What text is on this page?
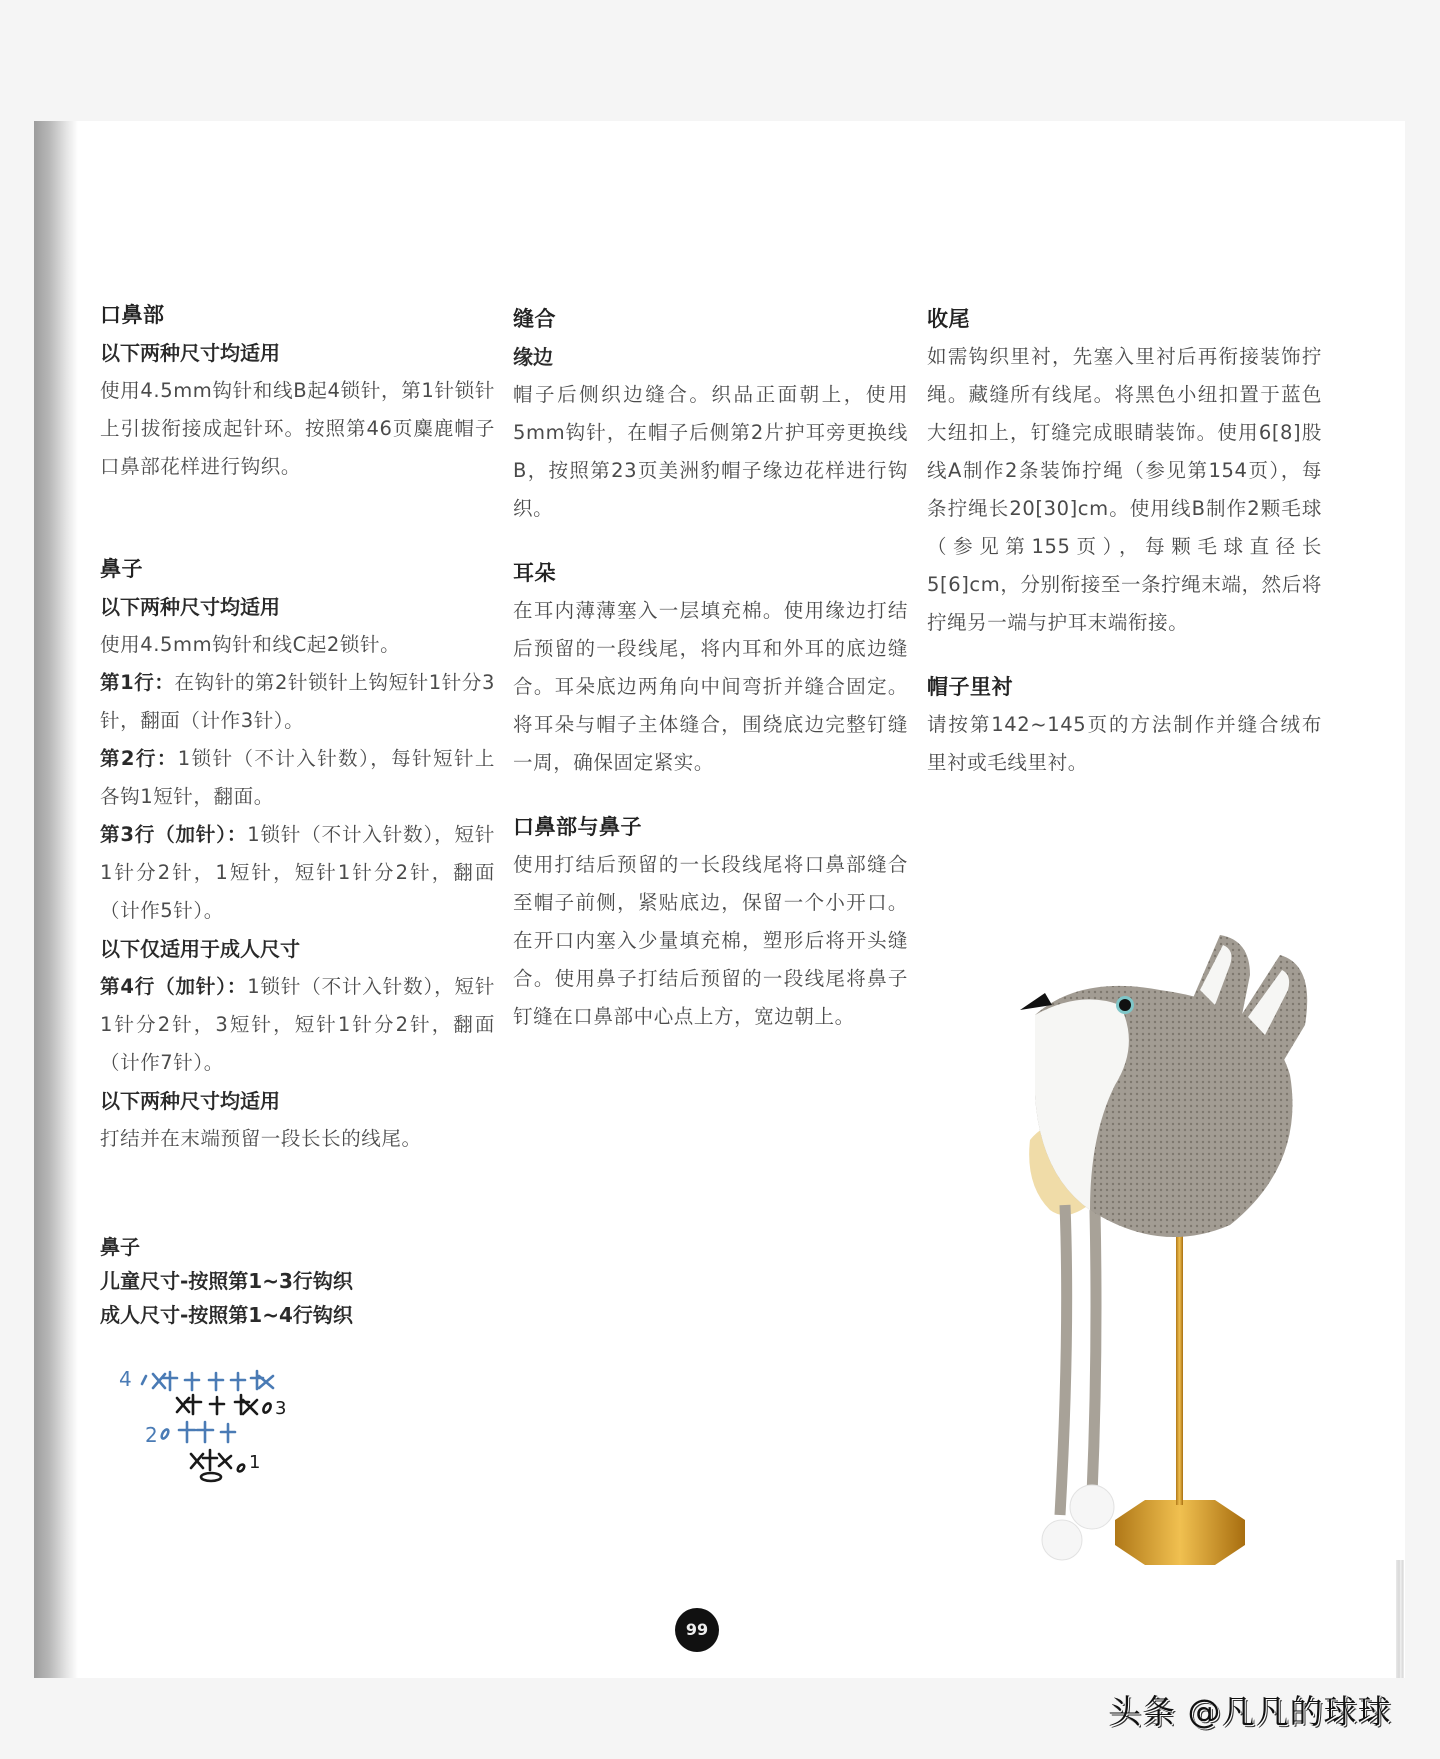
口鼻部
以下两种尺寸均适用
使用4.5mm钩针和线B起4锁针，第1针锁针上引拔衔接成起针环。按照第46页麋鹿帽子口鼻部花样进行钩织。
鼻子
以下两种尺寸均适用
使用4.5mm钩针和线C起2锁针。
第1行：在钩针的第2针锁针上钩短针1针分3针，翻面（计作3针）。
第2行：1锁针（不计入针数），每针短针上各钩1短针，翻面。
第3行（加针）：1锁针（不计入针数），短针1针分2针，1短针，短针1针分2针，翻面（计作5针）。
以下仅适用于成人尺寸
第4行（加针）：1锁针（不计入针数），短针1针分2针，3短针，短针1针分2针，翻面（计作7针）。
以下两种尺寸均适用
打结并在末端预留一段长长的线尾。
鼻子
儿童尺寸-按照第1~3行钩织
成人尺寸-按照第1~4行钩织
4
3
2
1
缝合
缘边
帽子后侧织边缝合。织品正面朝上，使用5mm钩针，在帽子后侧第2片护耳旁更换线B，按照第23页美洲豹帽子缘边花样进行钩织。
耳朵
在耳内薄薄塞入一层填充棉。使用缘边打结后预留的一段线尾，将内耳和外耳的底边缝合。耳朵底边两角向中间弯折并缝合固定。将耳朵与帽子主体缝合，围绕底边完整钉缝一周，确保固定紧实。
口鼻部与鼻子
使用打结后预留的一长段线尾将口鼻部缝合至帽子前侧，紧贴底边，保留一个小开口。在开口内塞入少量填充棉，塑形后将开头缝合。使用鼻子打结后预留的一段线尾将鼻子钉缝在口鼻部中心点上方，宽边朝上。
收尾
如需钩织里衬，先塞入里衬后再衔接装饰拧绳。藏缝所有线尾。将黑色小纽扣置于蓝色大纽扣上，钉缝完成眼睛装饰。使用6[8]股线A制作2条装饰拧绳（参见第154页），每条拧绳长20[30]cm。使用线B制作2颗毛球（参见第155页），每颗毛球直径长5[6]cm，分别衔接至一条拧绳末端，然后将拧绳另一端与护耳末端衔接。
帽子里衬
请按第142~145页的方法制作并缝合绒布里衬或毛线里衬。
99
头条 @凡凡的球球
